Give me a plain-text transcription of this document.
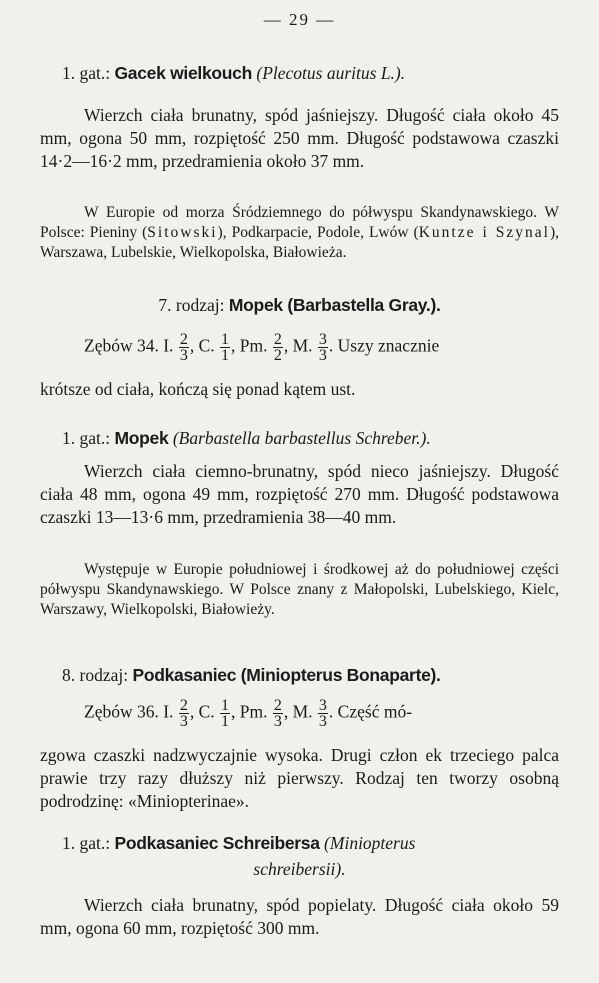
— 29 —
1. gat.: Gacek wielkouch (Plecotus auritus L.).
Wierzch ciała brunatny, spód jaśniejszy. Długość ciała około 45 mm, ogona 50 mm, rozpiętość 250 mm. Długość podstawowa czaszki 14·2—16·2 mm, przedramienia około 37 mm.
W Europie od morza Śródziemnego do półwyspu Skandynawskiego. W Polsce: Pieniny (Sitowski), Podkarpacie, Podole, Lwów (Kuntze i Szynal), Warszawa, Lubelskie, Wielkopolska, Białowieża.
7. rodzaj: Mopek (Barbastella Gray.).
Zębów 34. I. $\frac{2}{3}$ , C. $\frac{1}{1}$ , Pm. $\frac{2}{2}$ , M. $\frac{3}{3}$ . Uszy znacznie
krótsze od ciała, kończą się ponad kątem ust.
1. gat.: Mopek (Barbastella barbastellus Schreber.).
Wierzch ciała ciemno-brunatny, spód nieco jaśniejszy. Długość ciała 48 mm, ogona 49 mm, rozpiętość 270 mm. Długość podstawowa czaszki 13—13·6 mm, przedramienia 38—40 mm.
Występuje w Europie południowej i środkowej aż do południowej części półwyspu Skandynawskiego. W Polsce znany z Małopolski, Lubelskiego, Kielc, Warszawy, Wielkopolski, Białowieży.
8. rodzaj: Podkasaniec (Miniopterus Bonaparte).
Zębów 36. I. $\frac{2}{3}$ , C. $\frac{1}{1}$ , Pm. $\frac{2}{3}$ , M. $\frac{3}{3}$ . Część mó-
zgowa czaszki nadzwyczajnie wysoka. Drugi człon ek trzeciego palca prawie trzy razy dłuższy niż pierwszy. Rodzaj ten tworzy osobną podrodzinę: «Miniopterinae».
1. gat.: Podkasaniec Schreibersa (Miniopterus
schreibersii).
Wierzch ciała brunatny, spód popielaty. Długość ciała około 59 mm, ogona 60 mm, rozpiętość 300 mm.
